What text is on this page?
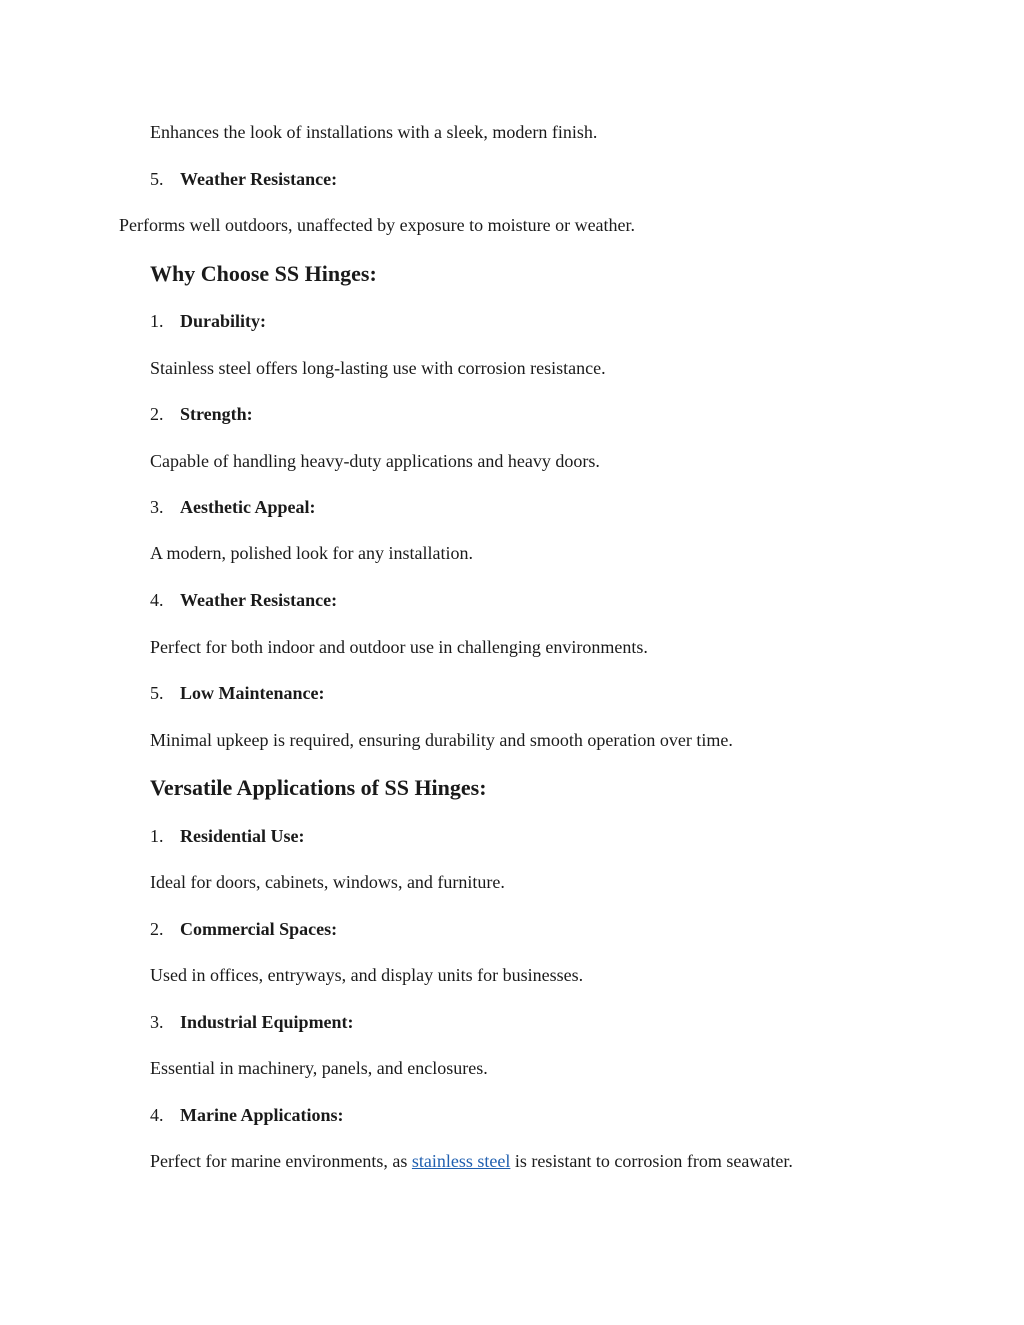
Enhances the look of installations with a sleek, modern finish.
5. Weather Resistance:
Performs well outdoors, unaffected by exposure to moisture or weather.
Why Choose SS Hinges:
1. Durability:
Stainless steel offers long-lasting use with corrosion resistance.
2. Strength:
Capable of handling heavy-duty applications and heavy doors.
3. Aesthetic Appeal:
A modern, polished look for any installation.
4. Weather Resistance:
Perfect for both indoor and outdoor use in challenging environments.
5. Low Maintenance:
Minimal upkeep is required, ensuring durability and smooth operation over time.
Versatile Applications of SS Hinges:
1. Residential Use:
Ideal for doors, cabinets, windows, and furniture.
2. Commercial Spaces:
Used in offices, entryways, and display units for businesses.
3. Industrial Equipment:
Essential in machinery, panels, and enclosures.
4. Marine Applications:
Perfect for marine environments, as stainless steel is resistant to corrosion from seawater.
